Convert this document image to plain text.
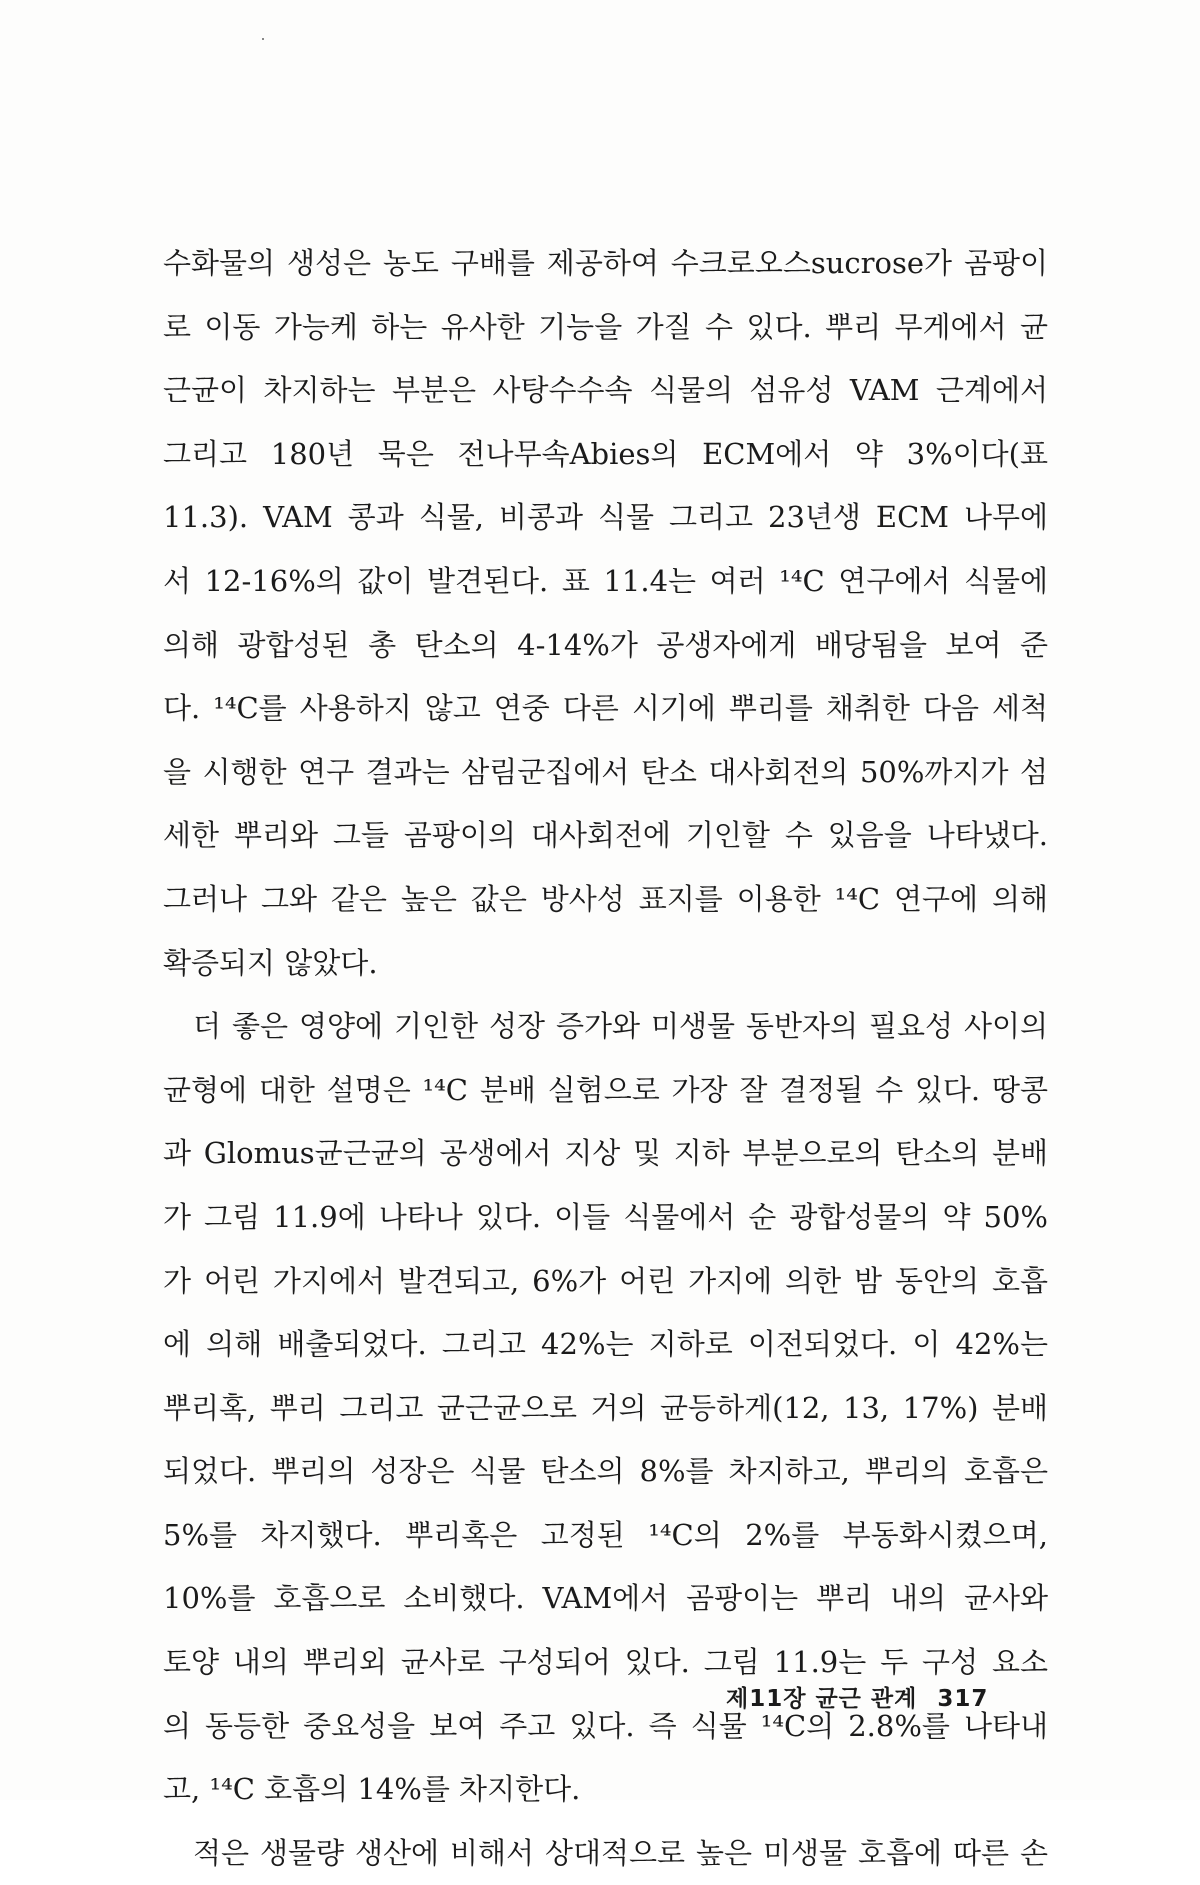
수화물의 생성은 농도 구배를 제공하여 수크로오스sucrose가 곰팡이
로 이동 가능케 하는 유사한 기능을 가질 수 있다. 뿌리 무게에서 균
근균이 차지하는 부분은 사탕수수속 식물의 섬유성 VAM 근계에서
그리고 180년 묵은 전나무속Abies의 ECM에서 약 3%이다(표
11.3). VAM 콩과 식물, 비콩과 식물 그리고 23년생 ECM 나무에
서 12-16%의 값이 발견된다. 표 11.4는 여러 ¹⁴C 연구에서 식물에
의해 광합성된 총 탄소의 4-14%가 공생자에게 배당됨을 보여 준
다. ¹⁴C를 사용하지 않고 연중 다른 시기에 뿌리를 채취한 다음 세척
을 시행한 연구 결과는 삼림군집에서 탄소 대사회전의 50%까지가 섬
세한 뿌리와 그들 곰팡이의 대사회전에 기인할 수 있음을 나타냈다.
그러나 그와 같은 높은 값은 방사성 표지를 이용한 ¹⁴C 연구에 의해
확증되지 않았다.
더 좋은 영양에 기인한 성장 증가와 미생물 동반자의 필요성 사이의
균형에 대한 설명은 ¹⁴C 분배 실험으로 가장 잘 결정될 수 있다. 땅콩
과 Glomus균근균의 공생에서 지상 및 지하 부분으로의 탄소의 분배
가 그림 11.9에 나타나 있다. 이들 식물에서 순 광합성물의 약 50%
가 어린 가지에서 발견되고, 6%가 어린 가지에 의한 밤 동안의 호흡
에 의해 배출되었다. 그리고 42%는 지하로 이전되었다. 이 42%는
뿌리혹, 뿌리 그리고 균근균으로 거의 균등하게(12, 13, 17%) 분배
되었다. 뿌리의 성장은 식물 탄소의 8%를 차지하고, 뿌리의 호흡은
5%를 차지했다. 뿌리혹은 고정된 ¹⁴C의 2%를 부동화시켰으며,
10%를 호흡으로 소비했다. VAM에서 곰팡이는 뿌리 내의 균사와
토양 내의 뿌리외 균사로 구성되어 있다. 그림 11.9는 두 구성 요소
의 동등한 중요성을 보여 주고 있다. 즉 식물 ¹⁴C의 2.8%를 나타내
고, ¹⁴C 호흡의 14%를 차지한다.
적은 생물량 생산에 비해서 상대적으로 높은 미생물 호흡에 따른 손
제11장 균근 관계 317
